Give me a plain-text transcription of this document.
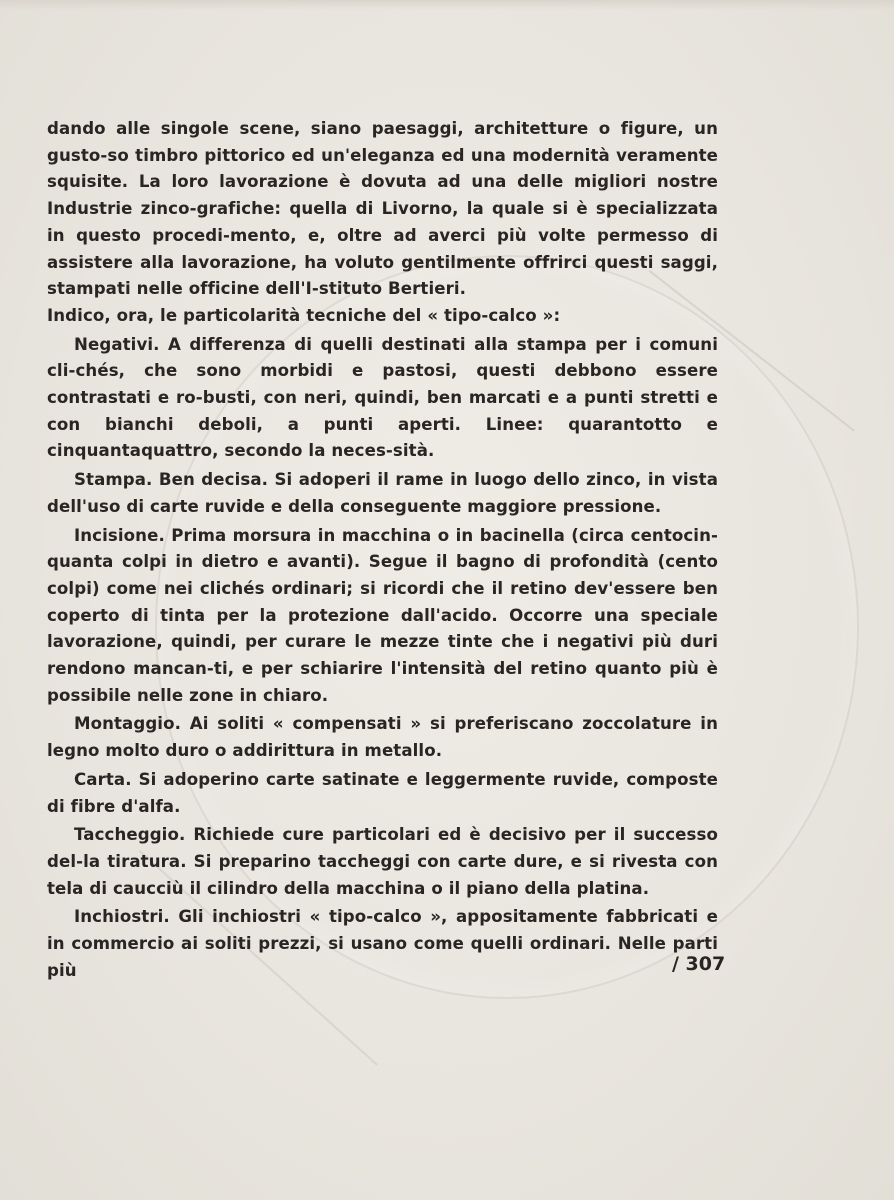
dando alle singole scene, siano paesaggi, architetture o figure, un gusto-so timbro pittorico ed un'eleganza ed una modernità veramente squisite. La loro lavorazione è dovuta ad una delle migliori nostre Industrie zinco-grafiche: quella di Livorno, la quale si è specializzata in questo procedi-mento, e, oltre ad averci più volte permesso di assistere alla lavorazione, ha voluto gentilmente offrirci questi saggi, stampati nelle officine dell'I-stituto Bertieri.

Indico, ora, le particolarità tecniche del « tipo-calco »:

Negativi. A differenza di quelli destinati alla stampa per i comuni cli-chés, che sono morbidi e pastosi, questi debbono essere contrastati e ro-busti, con neri, quindi, ben marcati e a punti stretti e con bianchi deboli, a punti aperti. Linee: quarantotto e cinquantaquattro, secondo la neces-sità.

Stampa. Ben decisa. Si adoperi il rame in luogo dello zinco, in vista dell'uso di carte ruvide e della conseguente maggiore pressione.

Incisione. Prima morsura in macchina o in bacinella (circa centocin-quanta colpi in dietro e avanti). Segue il bagno di profondità (cento colpi) come nei clichés ordinari; si ricordi che il retino dev'essere ben coperto di tinta per la protezione dall'acido. Occorre una speciale lavorazione, quindi, per curare le mezze tinte che i negativi più duri rendono mancan-ti, e per schiarire l'intensità del retino quanto più è possibile nelle zone in chiaro.

Montaggio. Ai soliti « compensati » si preferiscano zoccolature in legno molto duro o addirittura in metallo.

Carta. Si adoperino carte satinate e leggermente ruvide, composte di fibre d'alfa.

Taccheggio. Richiede cure particolari ed è decisivo per il successo del-la tiratura. Si preparino taccheggi con carte dure, e si rivesta con tela di caucciù il cilindro della macchina o il piano della platina.

Inchiostri. Gli inchiostri « tipo-calco », appositamente fabbricati e in commercio ai soliti prezzi, si usano come quelli ordinari. Nelle parti più	/ 307
